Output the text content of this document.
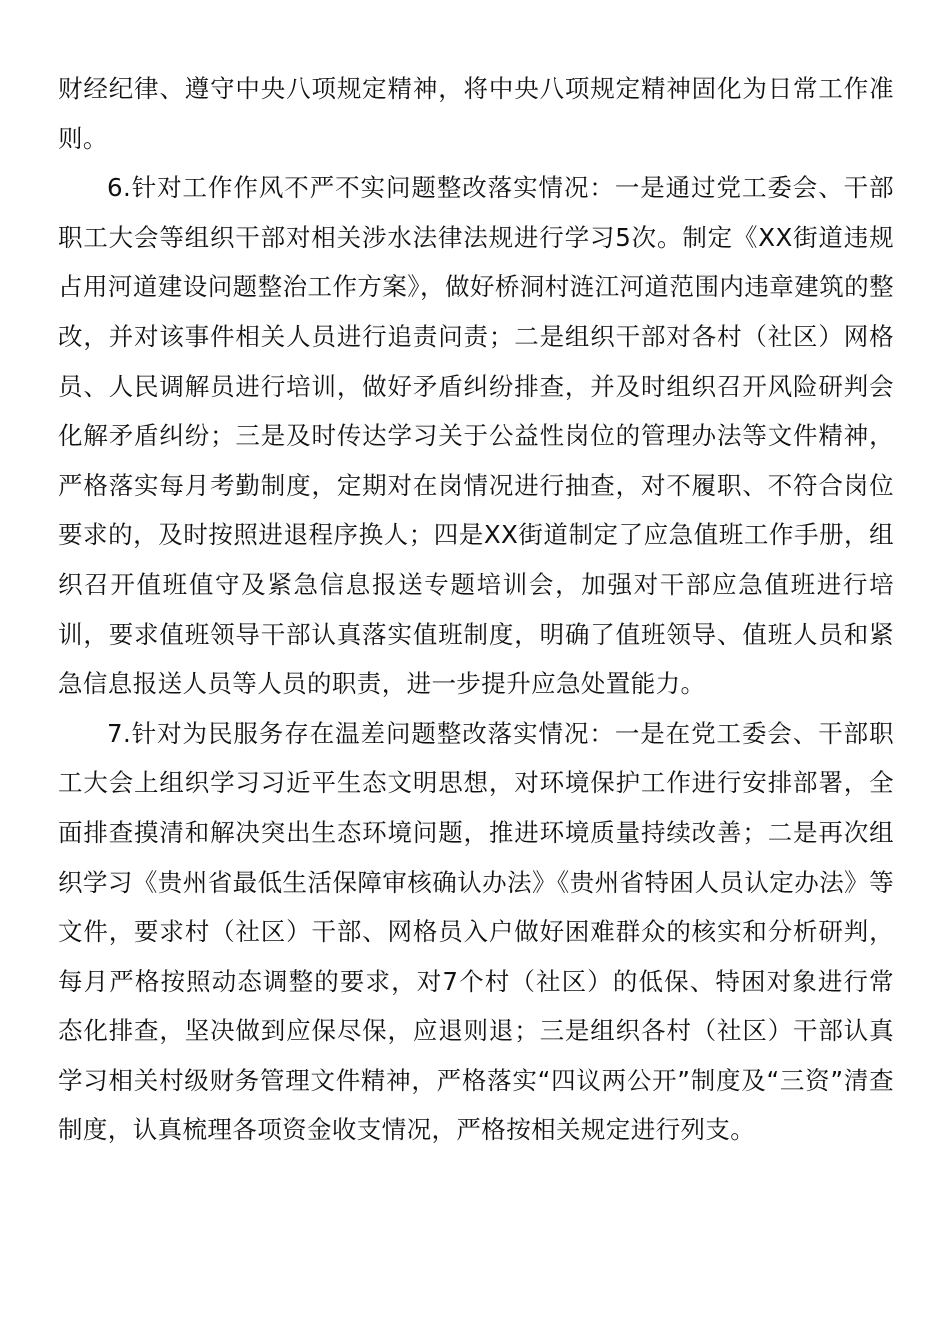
财经纪律、遵守中央八项规定精神，将中央八项规定精神固化为日常工作准则。

6.针对工作作风不严不实问题整改落实情况：一是通过党工委会、干部职工大会等组织干部对相关涉水法律法规进行学习5次。制定《XX街道违规占用河道建设问题整治工作方案》，做好桥洞村涟江河道范围内违章建筑的整改，并对该事件相关人员进行追责问责；二是组织干部对各村（社区）网格员、人民调解员进行培训，做好矛盾纠纷排查，并及时组织召开风险研判会化解矛盾纠纷；三是及时传达学习关于公益性岗位的管理办法等文件精神，严格落实每月考勤制度，定期对在岗情况进行抽查，对不履职、不符合岗位要求的，及时按照进退程序换人；四是XX街道制定了应急值班工作手册，组织召开值班值守及紧急信息报送专题培训会，加强对干部应急值班进行培训，要求值班领导干部认真落实值班制度，明确了值班领导、值班人员和紧急信息报送人员等人员的职责，进一步提升应急处置能力。

7.针对为民服务存在温差问题整改落实情况：一是在党工委会、干部职工大会上组织学习习近平生态文明思想，对环境保护工作进行安排部署，全面排查摸清和解决突出生态环境问题，推进环境质量持续改善；二是再次组织学习《贵州省最低生活保障审核确认办法》《贵州省特困人员认定办法》等文件，要求村（社区）干部、网格员入户做好困难群众的核实和分析研判，每月严格按照动态调整的要求，对7个村（社区）的低保、特困对象进行常态化排查，坚决做到应保尽保，应退则退；三是组织各村（社区）干部认真学习相关村级财务管理文件精神，严格落实“四议两公开”制度及“三资”清查制度，认真梳理各项资金收支情况，严格按相关规定进行列支。
